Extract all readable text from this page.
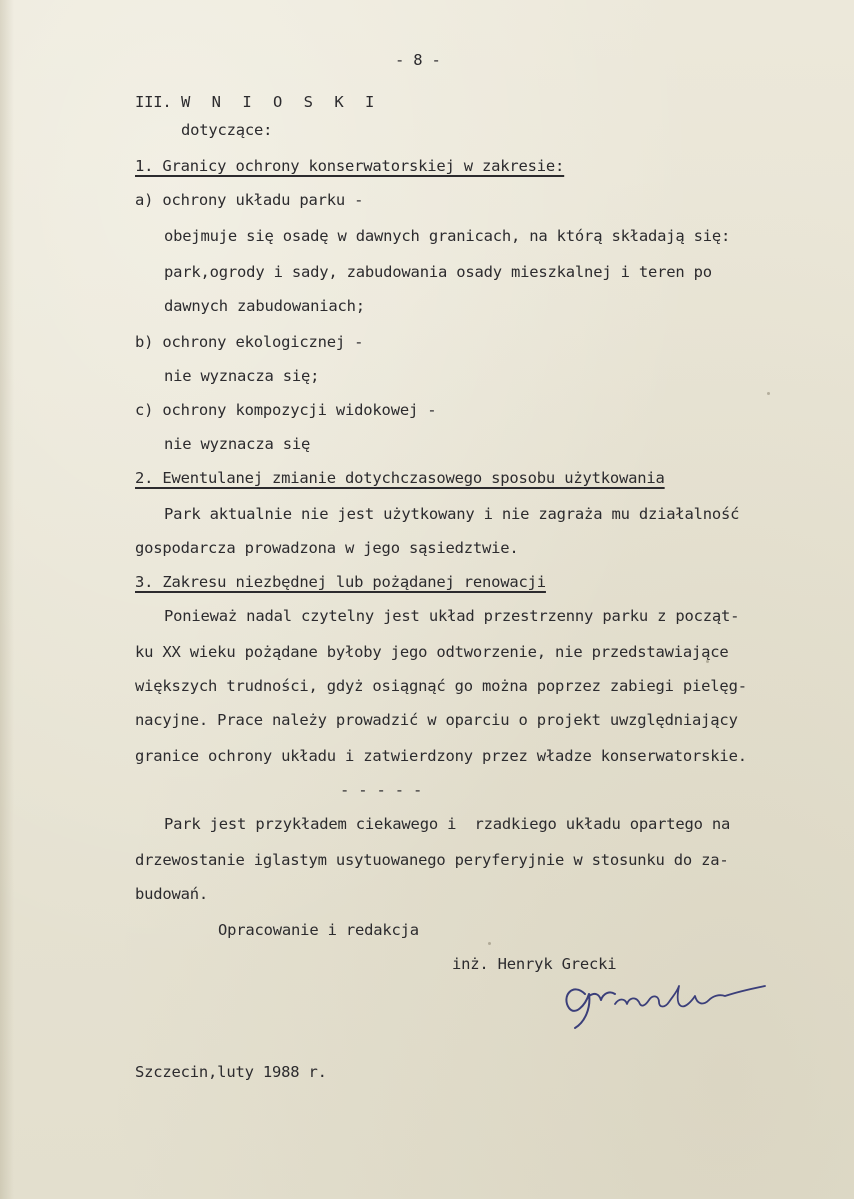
- 8 -
III. W N I O S K I
dotyczące:
1. Granicy ochrony konserwatorskiej w zakresie:
a) ochrony układu parku -
obejmuje się osadę w dawnych granicach, na którą składają się:
park,ogrody i sady, zabudowania osady mieszkalnej i teren po
dawnych zabudowaniach;
b) ochrony ekologicznej -
nie wyznacza się;
c) ochrony kompozycji widokowej -
nie wyznacza się
2. Ewentulanej zmianie dotychczasowego sposobu użytkowania
Park aktualnie nie jest użytkowany i nie zagraża mu działalność
gospodarcza prowadzona w jego sąsiedztwie.
3. Zakresu niezbędnej lub pożądanej renowacji
Ponieważ nadal czytelny jest układ przestrzenny parku z począt-
ku XX wieku pożądane byłoby jego odtworzenie, nie przedstawiające
większych trudności, gdyż osiągnąć go można poprzez zabiegi pielęg-
nacyjne. Prace należy prowadzić w oparciu o projekt uwzględniający
granice ochrony układu i zatwierdzony przez władze konserwatorskie.
- - - - -
Park jest przykładem ciekawego i  rzadkiego układu opartego na
drzewostanie iglastym usytuowanego peryferyjnie w stosunku do za-
budowań.
Opracowanie i redakcja
inż. Henryk Grecki
Szczecin,luty 1988 r.
